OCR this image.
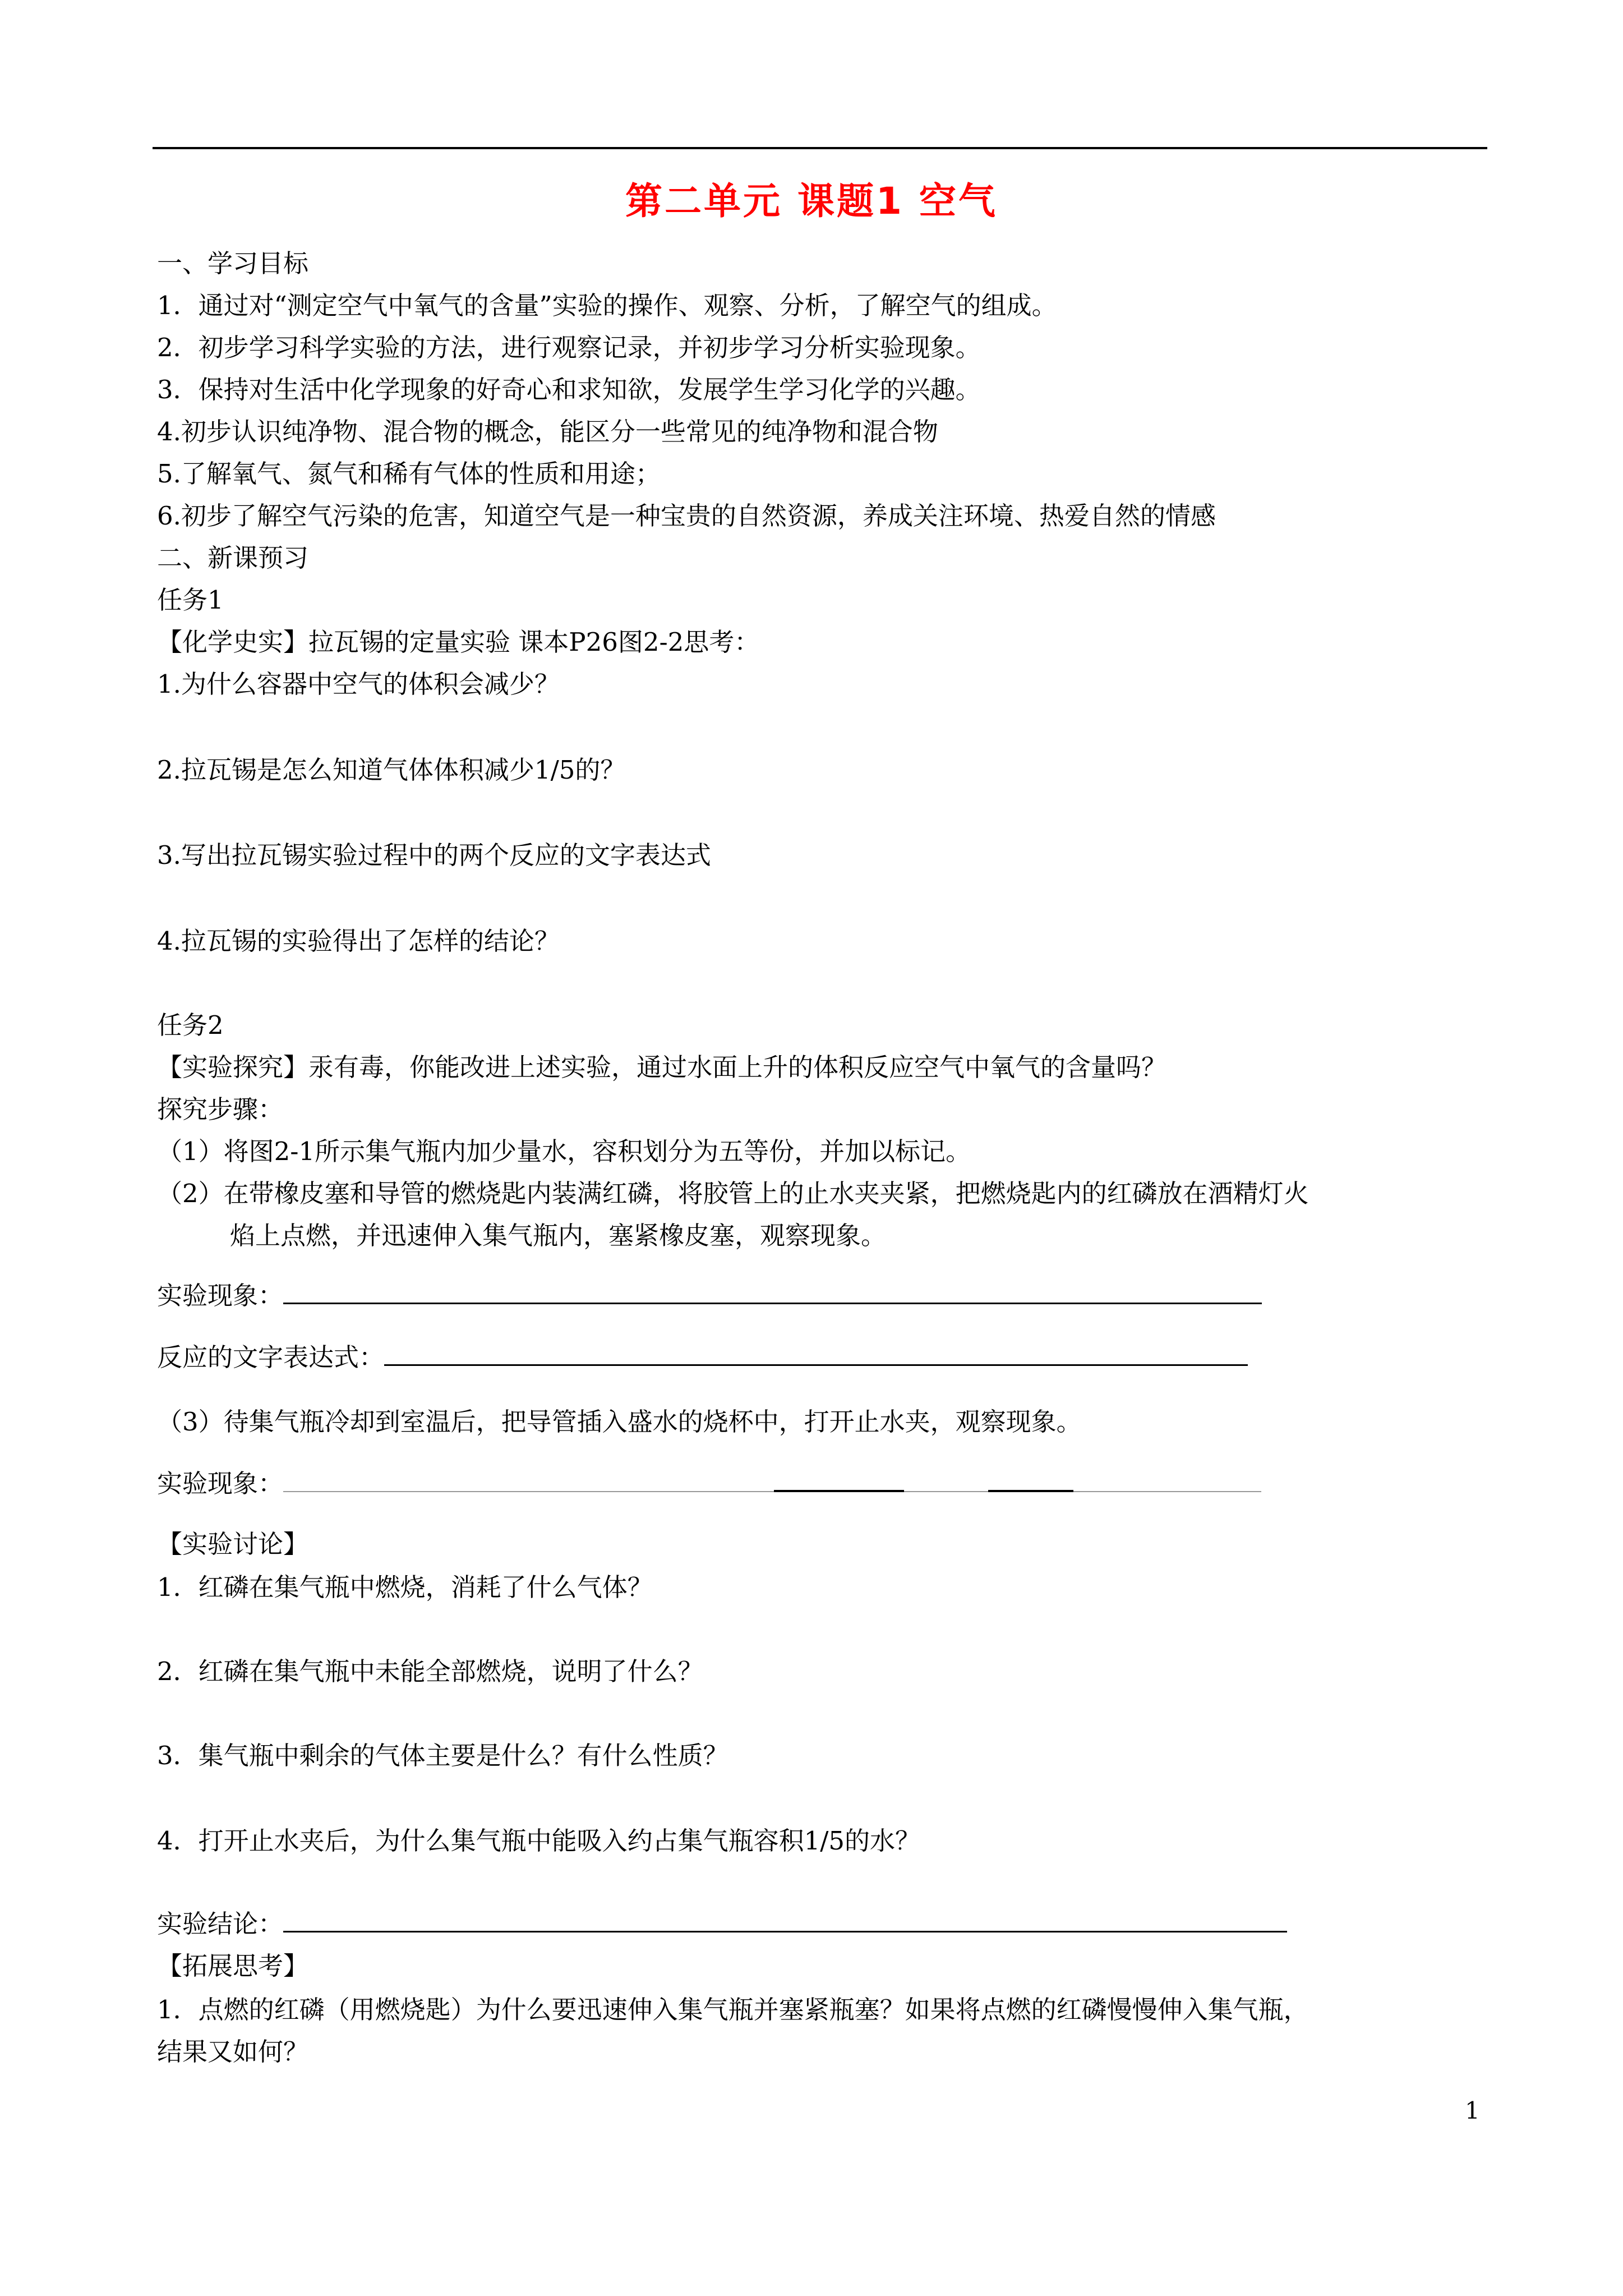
第二单元 课题1 空气
一、学习目标
1．通过对“测定空气中氧气的含量”实验的操作、观察、分析，了解空气的组成。
2．初步学习科学实验的方法，进行观察记录，并初步学习分析实验现象。
3．保持对生活中化学现象的好奇心和求知欲，发展学生学习化学的兴趣。
4.初步认识纯净物、混合物的概念，能区分一些常见的纯净物和混合物
5.了解氧气、氮气和稀有气体的性质和用途；
6.初步了解空气污染的危害，知道空气是一种宝贵的自然资源，养成关注环境、热爱自然的情感
二、新课预习
任务1
【化学史实】拉瓦锡的定量实验 课本P26图2-2思考：
1.为什么容器中空气的体积会减少？
2.拉瓦锡是怎么知道气体体积减少1/5的？
3.写出拉瓦锡实验过程中的两个反应的文字表达式
4.拉瓦锡的实验得出了怎样的结论？
任务2
【实验探究】汞有毒，你能改进上述实验，通过水面上升的体积反应空气中氧气的含量吗？
探究步骤：
（1）将图2-1所示集气瓶内加少量水，容积划分为五等份，并加以标记。
（2）在带橡皮塞和导管的燃烧匙内装满红磷，将胶管上的止水夹夹紧，把燃烧匙内的红磷放在酒精灯火
焰上点燃，并迅速伸入集气瓶内，塞紧橡皮塞，观察现象。
实验现象：
反应的文字表达式：
（3）待集气瓶冷却到室温后，把导管插入盛水的烧杯中，打开止水夹，观察现象。
实验现象：
【实验讨论】
1．红磷在集气瓶中燃烧，消耗了什么气体？
2．红磷在集气瓶中未能全部燃烧，说明了什么？
3．集气瓶中剩余的气体主要是什么？有什么性质？
4．打开止水夹后，为什么集气瓶中能吸入约占集气瓶容积1/5的水？
实验结论：
【拓展思考】
1．点燃的红磷（用燃烧匙）为什么要迅速伸入集气瓶并塞紧瓶塞？如果将点燃的红磷慢慢伸入集气瓶，
结果又如何？
1
